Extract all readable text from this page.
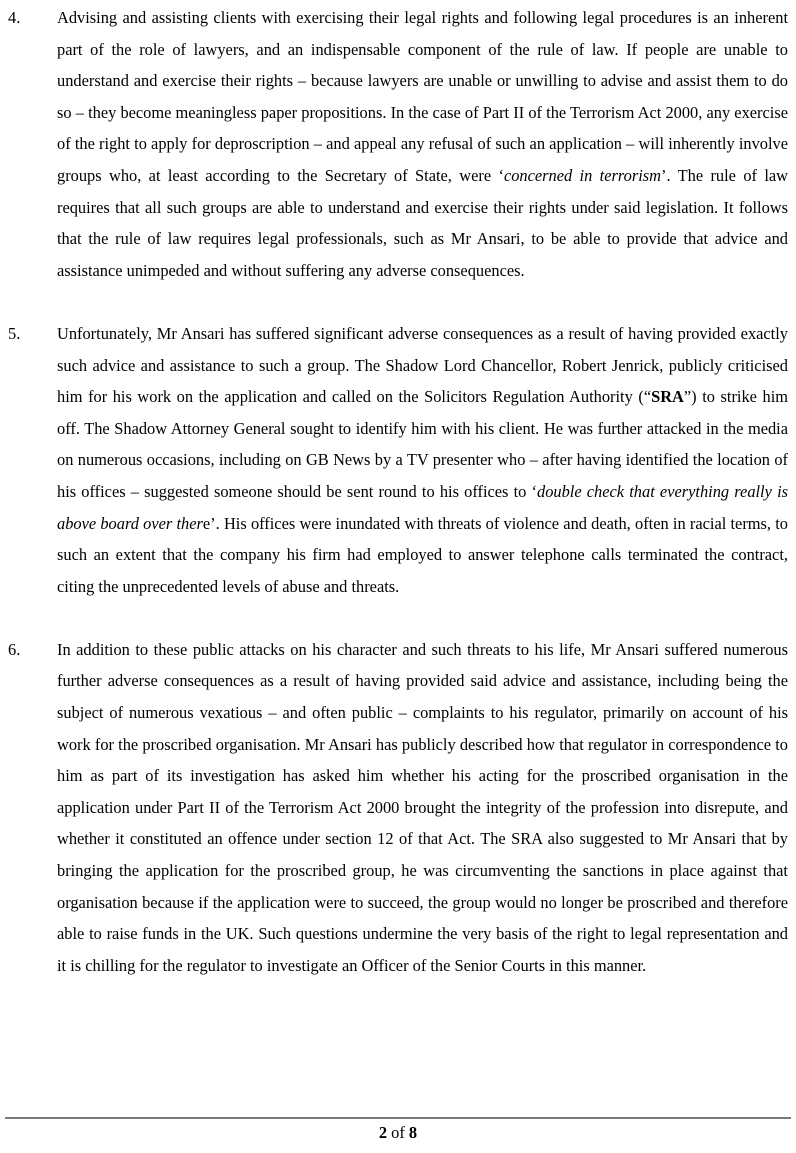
4.	Advising and assisting clients with exercising their legal rights and following legal procedures is an inherent part of the role of lawyers, and an indispensable component of the rule of law. If people are unable to understand and exercise their rights – because lawyers are unable or unwilling to advise and assist them to do so – they become meaningless paper propositions. In the case of Part II of the Terrorism Act 2000, any exercise of the right to apply for deproscription – and appeal any refusal of such an application – will inherently involve groups who, at least according to the Secretary of State, were ‘concerned in terrorism’. The rule of law requires that all such groups are able to understand and exercise their rights under said legislation. It follows that the rule of law requires legal professionals, such as Mr Ansari, to be able to provide that advice and assistance unimpeded and without suffering any adverse consequences.
5.	Unfortunately, Mr Ansari has suffered significant adverse consequences as a result of having provided exactly such advice and assistance to such a group. The Shadow Lord Chancellor, Robert Jenrick, publicly criticised him for his work on the application and called on the Solicitors Regulation Authority (“SRA”) to strike him off. The Shadow Attorney General sought to identify him with his client. He was further attacked in the media on numerous occasions, including on GB News by a TV presenter who – after having identified the location of his offices – suggested someone should be sent round to his offices to ‘double check that everything really is above board over there’. His offices were inundated with threats of violence and death, often in racial terms, to such an extent that the company his firm had employed to answer telephone calls terminated the contract, citing the unprecedented levels of abuse and threats.
6.	In addition to these public attacks on his character and such threats to his life, Mr Ansari suffered numerous further adverse consequences as a result of having provided said advice and assistance, including being the subject of numerous vexatious – and often public – complaints to his regulator, primarily on account of his work for the proscribed organisation. Mr Ansari has publicly described how that regulator in correspondence to him as part of its investigation has asked him whether his acting for the proscribed organisation in the application under Part II of the Terrorism Act 2000 brought the integrity of the profession into disrepute, and whether it constituted an offence under section 12 of that Act. The SRA also suggested to Mr Ansari that by bringing the application for the proscribed group, he was circumventing the sanctions in place against that organisation because if the application were to succeed, the group would no longer be proscribed and therefore able to raise funds in the UK. Such questions undermine the very basis of the right to legal representation and it is chilling for the regulator to investigate an Officer of the Senior Courts in this manner.
2 of 8
